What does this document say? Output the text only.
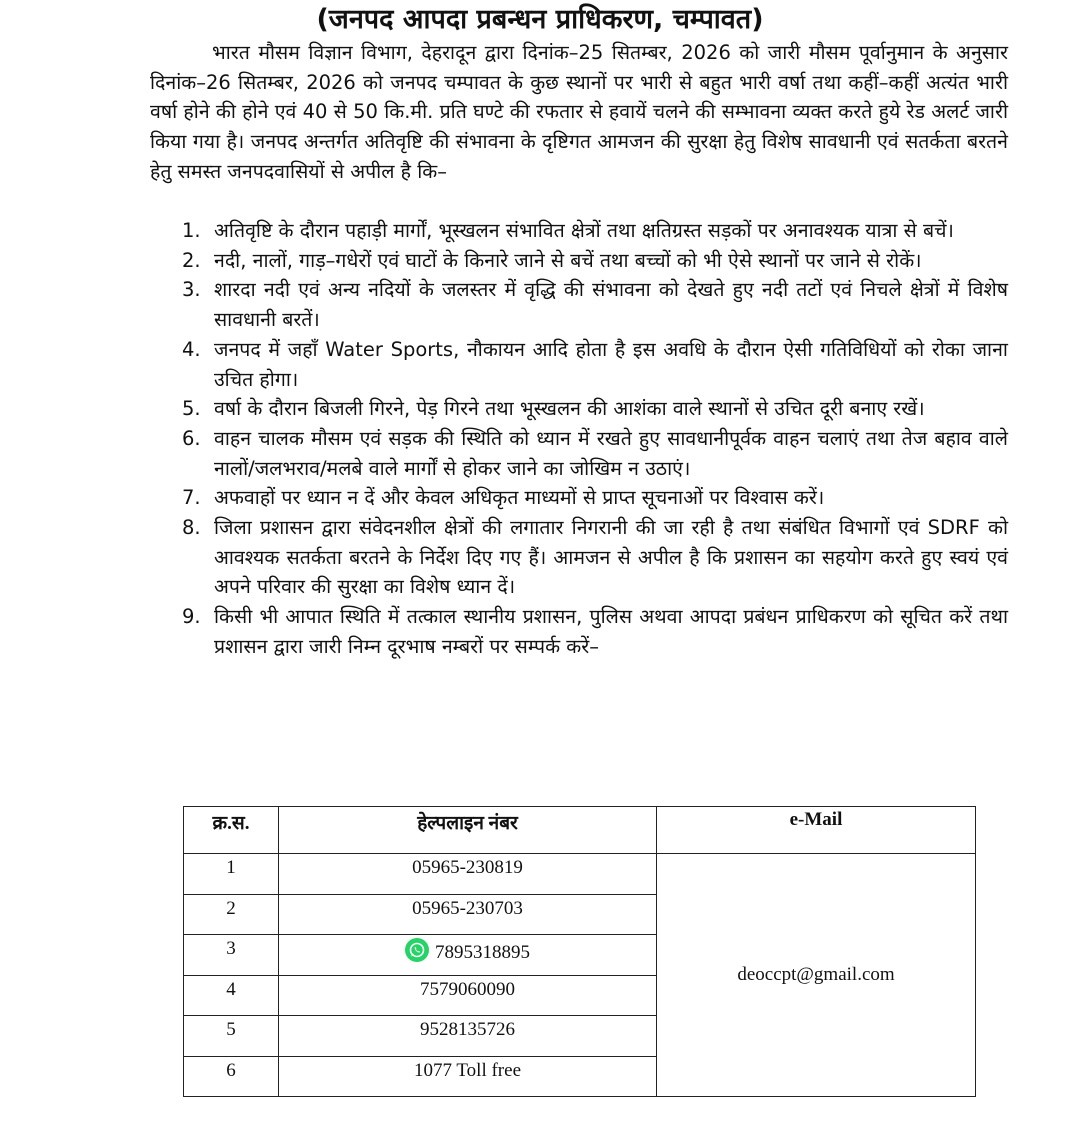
(जनपद आपदा प्रबन्धन प्राधिकरण, चम्पावत)
भारत मौसम विज्ञान विभाग, देहरादून द्वारा दिनांक–25 सितम्बर, 2026 को जारी मौसम पूर्वानुमान के अनुसार दिनांक–26 सितम्बर, 2026 को जनपद चम्पावत के कुछ स्थानों पर भारी से बहुत भारी वर्षा तथा कहीं–कहीं अत्यंत भारी वर्षा होने की होने एवं 40 से 50 कि.मी. प्रति घण्टे की रफतार से हवायें चलने की सम्भावना व्यक्त करते हुये रेड अलर्ट जारी किया गया है। जनपद अन्तर्गत अतिवृष्टि की संभावना के दृष्टिगत आमजन की सुरक्षा हेतु विशेष सावधानी एवं सतर्कता बरतने हेतु समस्त जनपदवासियों से अपील है कि–
1. अतिवृष्टि के दौरान पहाड़ी मार्गों, भूस्खलन संभावित क्षेत्रों तथा क्षतिग्रस्त सड़कों पर अनावश्यक यात्रा से बचें।
2. नदी, नालों, गाड़–गधेरों एवं घाटों के किनारे जाने से बचें तथा बच्चों को भी ऐसे स्थानों पर जाने से रोकें।
3. शारदा नदी एवं अन्य नदियों के जलस्तर में वृद्धि की संभावना को देखते हुए नदी तटों एवं निचले क्षेत्रों में विशेष सावधानी बरतें।
4. जनपद में जहाँ Water Sports, नौकायन आदि होता है इस अवधि के दौरान ऐसी गतिविधियों को रोका जाना उचित होगा।
5. वर्षा के दौरान बिजली गिरने, पेड़ गिरने तथा भूस्खलन की आशंका वाले स्थानों से उचित दूरी बनाए रखें।
6. वाहन चालक मौसम एवं सड़क की स्थिति को ध्यान में रखते हुए सावधानीपूर्वक वाहन चलाएं तथा तेज बहाव वाले नालों/जलभराव/मलबे वाले मार्गों से होकर जाने का जोखिम न उठाएं।
7. अफवाहों पर ध्यान न दें और केवल अधिकृत माध्यमों से प्राप्त सूचनाओं पर विश्वास करें।
8. जिला प्रशासन द्वारा संवेदनशील क्षेत्रों की लगातार निगरानी की जा रही है तथा संबंधित विभागों एवं SDRF को आवश्यक सतर्कता बरतने के निर्देश दिए गए हैं। आमजन से अपील है कि प्रशासन का सहयोग करते हुए स्वयं एवं अपने परिवार की सुरक्षा का विशेष ध्यान दें।
9. किसी भी आपात स्थिति में तत्काल स्थानीय प्रशासन, पुलिस अथवा आपदा प्रबंधन प्राधिकरण को सूचित करें तथा प्रशासन द्वारा जारी निम्न दूरभाष नम्बरों पर सम्पर्क करें–
क्र.स.	हेल्पलाइन नंबर	e-Mail
1	05965-230819	deoccpt@gmail.com
2	05965-230703	
3	7895318895	
4	7579060090	
5	9528135726	
6	1077 Toll free	
